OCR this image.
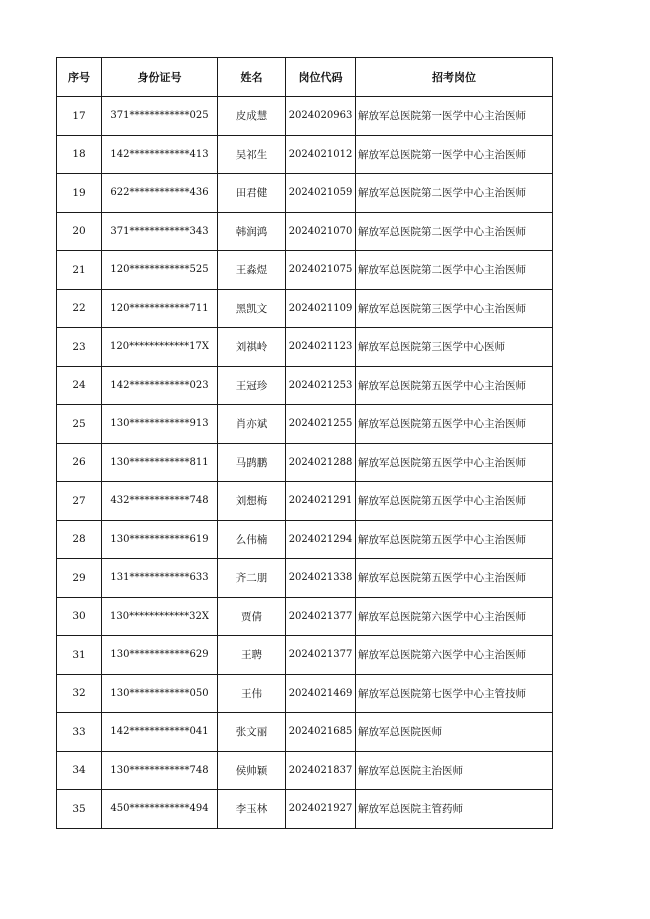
序号	身份证号	姓名	岗位代码	招考岗位
17	371************025	皮成慧	2024020963	解放军总医院第一医学中心主治医师
18	142************413	吴祁生	2024021012	解放军总医院第一医学中心主治医师
19	622************436	田君健	2024021059	解放军总医院第二医学中心主治医师
20	371************343	韩润鸿	2024021070	解放军总医院第二医学中心主治医师
21	120************525	王淼煜	2024021075	解放军总医院第二医学中心主治医师
22	120************711	黑凯文	2024021109	解放军总医院第三医学中心主治医师
23	120************17X	刘祺岭	2024021123	解放军总医院第三医学中心医师
24	142************023	王冠珍	2024021253	解放军总医院第五医学中心主治医师
25	130************913	肖亦斌	2024021255	解放军总医院第五医学中心主治医师
26	130************811	马鹍鹏	2024021288	解放军总医院第五医学中心主治医师
27	432************748	刘想梅	2024021291	解放军总医院第五医学中心主治医师
28	130************619	么伟楠	2024021294	解放军总医院第五医学中心主治医师
29	131************633	齐二朋	2024021338	解放军总医院第五医学中心主治医师
30	130************32X	贾倩	2024021377	解放军总医院第六医学中心主治医师
31	130************629	王聘	2024021377	解放军总医院第六医学中心主治医师
32	130************050	王伟	2024021469	解放军总医院第七医学中心主管技师
33	142************041	张文丽	2024021685	解放军总医院医师
34	130************748	侯帅颖	2024021837	解放军总医院主治医师
35	450************494	李玉林	2024021927	解放军总医院主管药师
